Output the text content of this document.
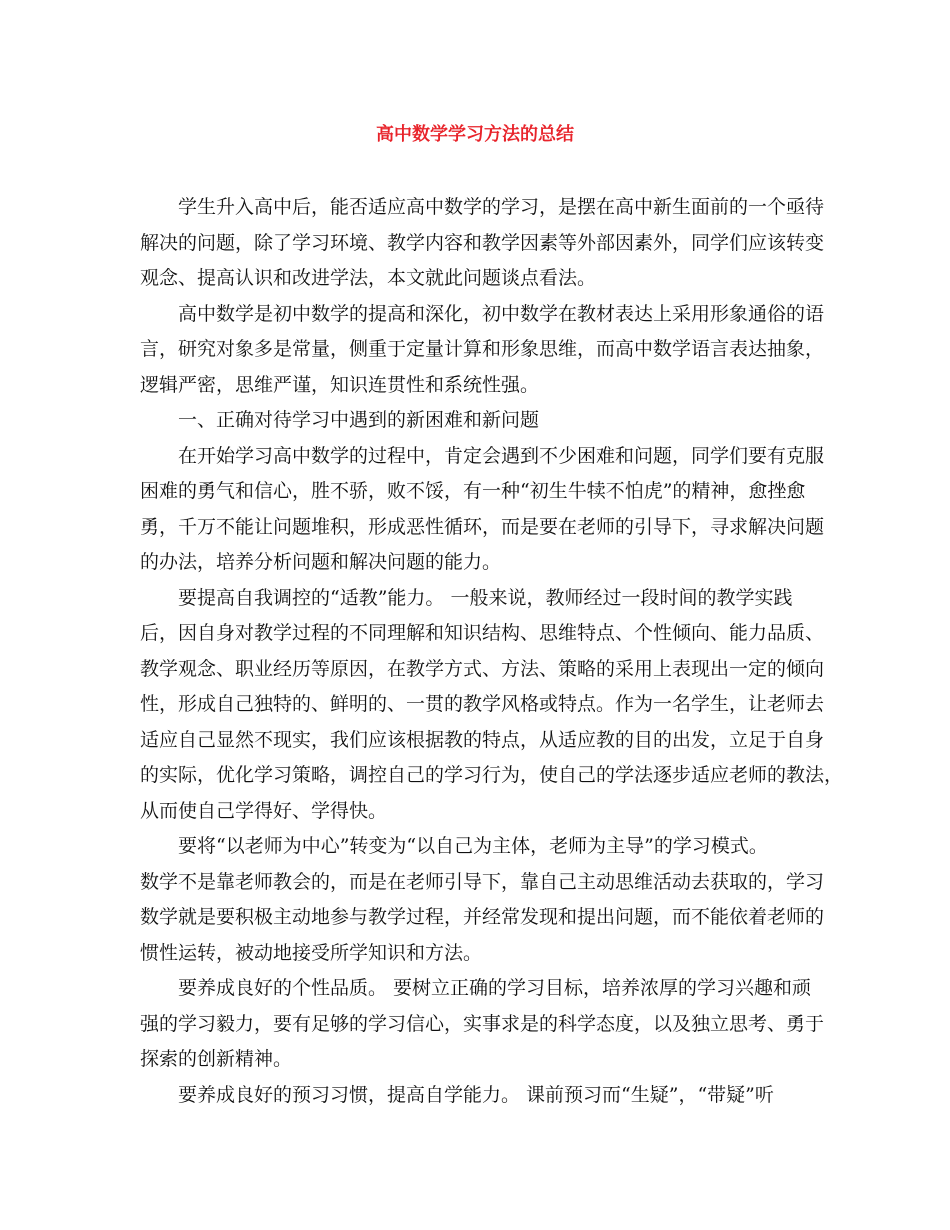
高中数学学习方法的总结

学生升入高中后，能否适应高中数学的学习，是摆在高中新生面前的一个亟待
解决的问题，除了学习环境、教学内容和教学因素等外部因素外，同学们应该转变
观念、提高认识和改进学法，本文就此问题谈点看法。

高中数学是初中数学的提高和深化，初中数学在教材表达上采用形象通俗的语
言，研究对象多是常量，侧重于定量计算和形象思维，而高中数学语言表达抽象，
逻辑严密，思维严谨，知识连贯性和系统性强。

一、正确对待学习中遇到的新困难和新问题

在开始学习高中数学的过程中，肯定会遇到不少困难和问题，同学们要有克服
困难的勇气和信心，胜不骄，败不馁，有一种“初生牛犊不怕虎”的精神，愈挫愈
勇，千万不能让问题堆积，形成恶性循环，而是要在老师的引导下，寻求解决问题
的办法，培养分析问题和解决问题的能力。

要提高自我调控的“适教”能力。 一般来说，教师经过一段时间的教学实践
后，因自身对教学过程的不同理解和知识结构、思维特点、个性倾向、能力品质、
教学观念、职业经历等原因，在教学方式、方法、策略的采用上表现出一定的倾向
性，形成自己独特的、鲜明的、一贯的教学风格或特点。作为一名学生，让老师去
适应自己显然不现实，我们应该根据教的特点，从适应教的目的出发，立足于自身
的实际，优化学习策略，调控自己的学习行为，使自己的学法逐步适应老师的教法，
从而使自己学得好、学得快。

要将“以老师为中心”转变为“以自己为主体，老师为主导”的学习模式。
数学不是靠老师教会的，而是在老师引导下，靠自己主动思维活动去获取的，学习
数学就是要积极主动地参与教学过程，并经常发现和提出问题，而不能依着老师的
惯性运转，被动地接受所学知识和方法。

要养成良好的个性品质。 要树立正确的学习目标，培养浓厚的学习兴趣和顽
强的学习毅力，要有足够的学习信心，实事求是的科学态度，以及独立思考、勇于
探索的创新精神。

要养成良好的预习习惯，提高自学能力。 课前预习而“生疑”，“带疑”听
